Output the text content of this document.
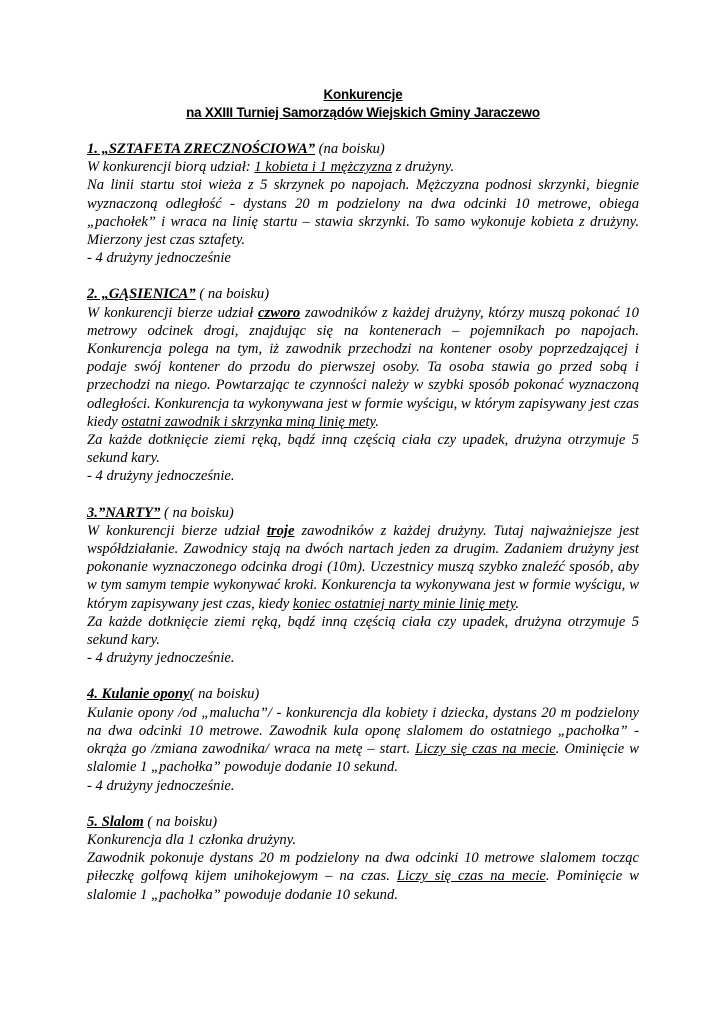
Konkurencje
na XXIII Turniej Samorządów Wiejskich Gminy Jaraczewo

1. „SZTAFETA ZRECZNOŚCIOWA” (na boisku)

W konkurencji biorą udział: 1 kobieta i 1 mężczyzna z drużyny.

Na linii startu stoi wieża z 5 skrzynek po napojach. Mężczyzna podnosi skrzynki, biegnie wyznaczoną odległość - dystans 20 m podzielony na dwa odcinki 10 metrowe, obiega „pachołek” i wraca na linię startu – stawia skrzynki. To samo wykonuje kobieta z drużyny. Mierzony jest czas sztafety.

- 4 drużyny jednocześnie

2. „GĄSIENICA” ( na boisku)

W konkurencji bierze udział czworo zawodników z każdej drużyny, którzy muszą pokonać 10 metrowy odcinek drogi, znajdując się na kontenerach – pojemnikach po napojach. Konkurencja polega na tym, iż zawodnik przechodzi na kontener osoby poprzedzającej i podaje swój kontener do przodu do pierwszej osoby. Ta osoba stawia go przed sobą i przechodzi na niego. Powtarzając te czynności należy w szybki sposób pokonać wyznaczoną odległości. Konkurencja ta wykonywana jest w formie wyścigu, w którym zapisywany jest czas kiedy ostatni zawodnik i skrzynka miną linię mety.

Za każde dotknięcie ziemi ręką, bądź inną częścią ciała czy upadek, drużyna otrzymuje 5 sekund kary.

- 4 drużyny jednocześnie.

3.”NARTY” ( na boisku)

W konkurencji bierze udział troje zawodników z każdej drużyny. Tutaj najważniejsze jest współdziałanie. Zawodnicy stają na dwóch nartach jeden za drugim. Zadaniem drużyny jest pokonanie wyznaczonego odcinka drogi (10m). Uczestnicy muszą szybko znaleźć sposób, aby w tym samym tempie wykonywać kroki. Konkurencja ta wykonywana jest w formie wyścigu, w którym zapisywany jest czas, kiedy koniec ostatniej narty minie linię mety.

Za każde dotknięcie ziemi ręką, bądź inną częścią ciała czy upadek, drużyna otrzymuje 5 sekund kary.

- 4 drużyny jednocześnie.

4. Kulanie opony( na boisku)

Kulanie opony /od „malucha”/ - konkurencja dla kobiety i dziecka, dystans 20 m podzielony na dwa odcinki 10 metrowe. Zawodnik kula oponę slalomem do ostatniego „pachołka” - okrąża go /zmiana zawodnika/ wraca na metę – start. Liczy się czas na mecie. Ominięcie w slalomie 1 „pachołka” powoduje dodanie 10 sekund.

- 4 drużyny jednocześnie.

5. Slalom ( na boisku)

Konkurencja dla 1 członka drużyny.

Zawodnik pokonuje dystans 20 m podzielony na dwa odcinki 10 metrowe slalomem tocząc piłeczkę golfową kijem unihokejowym – na czas. Liczy się czas na mecie. Pominięcie w slalomie 1 „pachołka” powoduje dodanie 10 sekund.
